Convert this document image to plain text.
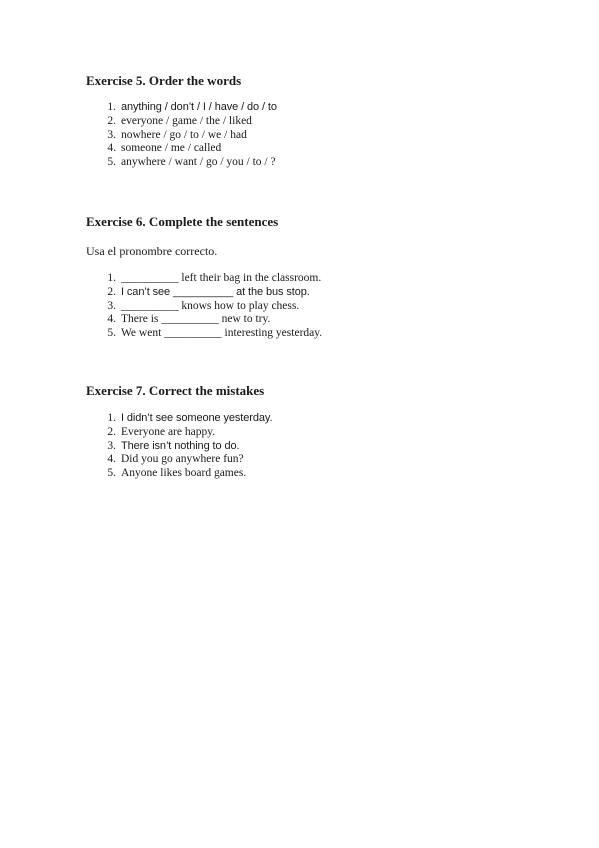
Exercise 5. Order the words
1. anything / don’t / I / have / do / to
2. everyone / game / the / liked
3. nowhere / go / to / we / had
4. someone / me / called
5. anywhere / want / go / you / to / ?
Exercise 6. Complete the sentences

Usa el pronombre correcto.

1. __________ left their bag in the classroom.
2. I can’t see __________ at the bus stop.
3. __________ knows how to play chess.
4. There is __________ new to try.
5. We went __________ interesting yesterday.
Exercise 7. Correct the mistakes
1. I didn’t see someone yesterday.
2. Everyone are happy.
3. There isn’t nothing to do.
4. Did you go anywhere fun?
5. Anyone likes board games.
